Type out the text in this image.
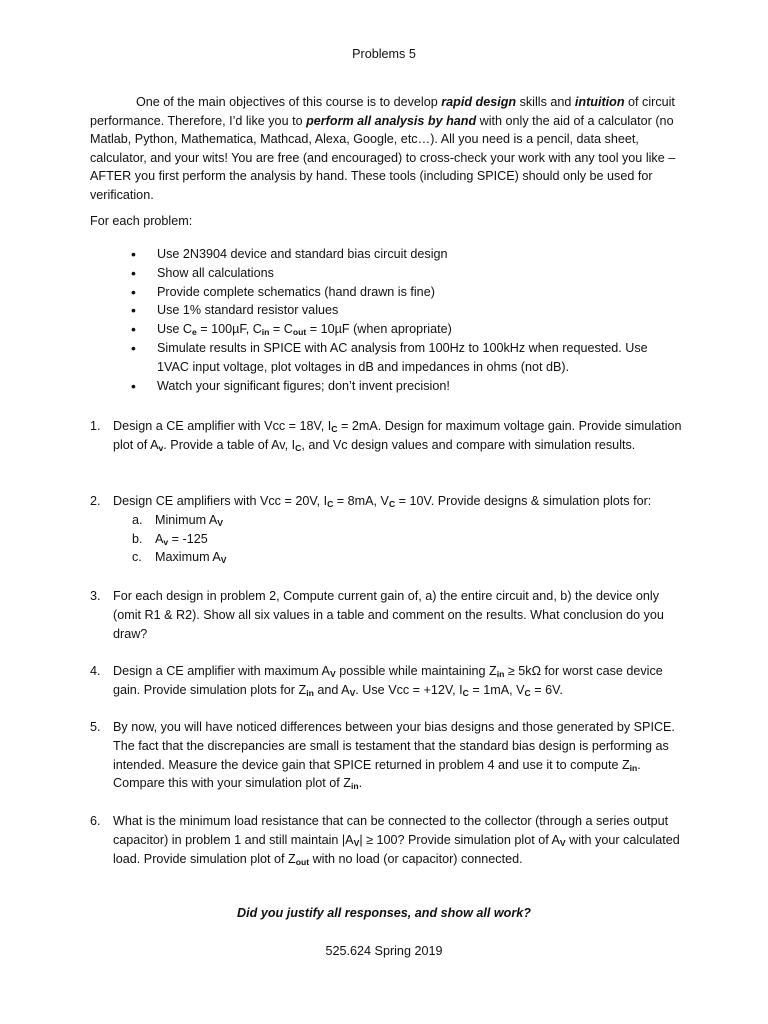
Problems 5
One of the main objectives of this course is to develop rapid design skills and intuition of circuit performance. Therefore, I’d like you to perform all analysis by hand with only the aid of a calculator (no Matlab, Python, Mathematica, Mathcad, Alexa, Google, etc…). All you need is a pencil, data sheet, calculator, and your wits! You are free (and encouraged) to cross-check your work with any tool you like –AFTER you first perform the analysis by hand. These tools (including SPICE) should only be used for verification.
For each problem:
• Use 2N3904 device and standard bias circuit design
• Show all calculations
• Provide complete schematics (hand drawn is fine)
• Use 1% standard resistor values
• Use $C_e = 100\mu F$, $C_{in} = C_{out} = 10\mu F$ (when apropriate)
• Simulate results in SPICE with AC analysis from 100Hz to 100kHz when requested. Use 1VAC input voltage, plot voltages in dB and impedances in ohms (not dB).
• Watch your significant figures; don’t invent precision!
1. Design a CE amplifier with Vcc = 18V, $I_C = 2mA$. Design for maximum voltage gain. Provide simulation plot of $A_v$. Provide a table of Av, $I_C$, and Vc design values and compare with simulation results.
2. Design CE amplifiers with Vcc = 20V, $I_C = 8mA$, $V_C = 10V$. Provide designs & simulation plots for:
a. Minimum $A_V$
b. $A_v = -125$
c. Maximum $A_V$
3. For each design in problem 2, Compute current gain of, a) the entire circuit and, b) the device only (omit R1 & R2). Show all six values in a table and comment on the results. What conclusion do you draw?
4. Design a CE amplifier with maximum $A_V$ possible while maintaining $Z_{in} \ge 5k\Omega$ for worst case device gain. Provide simulation plots for $Z_{in}$ and $A_V$. Use Vcc = +12V, $I_C = 1mA$, $V_C = 6V$.
5. By now, you will have noticed differences between your bias designs and those generated by SPICE. The fact that the discrepancies are small is testament that the standard bias design is performing as intended. Measure the device gain that SPICE returned in problem 4 and use it to compute $Z_{in}$. Compare this with your simulation plot of $Z_{in}$.
6. What is the minimum load resistance that can be connected to the collector (through a series output capacitor) in problem 1 and still maintain $|A_V| \ge 100$? Provide simulation plot of $A_V$ with your calculated load. Provide simulation plot of $Z_{out}$ with no load (or capacitor) connected.
Did you justify all responses, and show all work?
525.624 Spring 2019
